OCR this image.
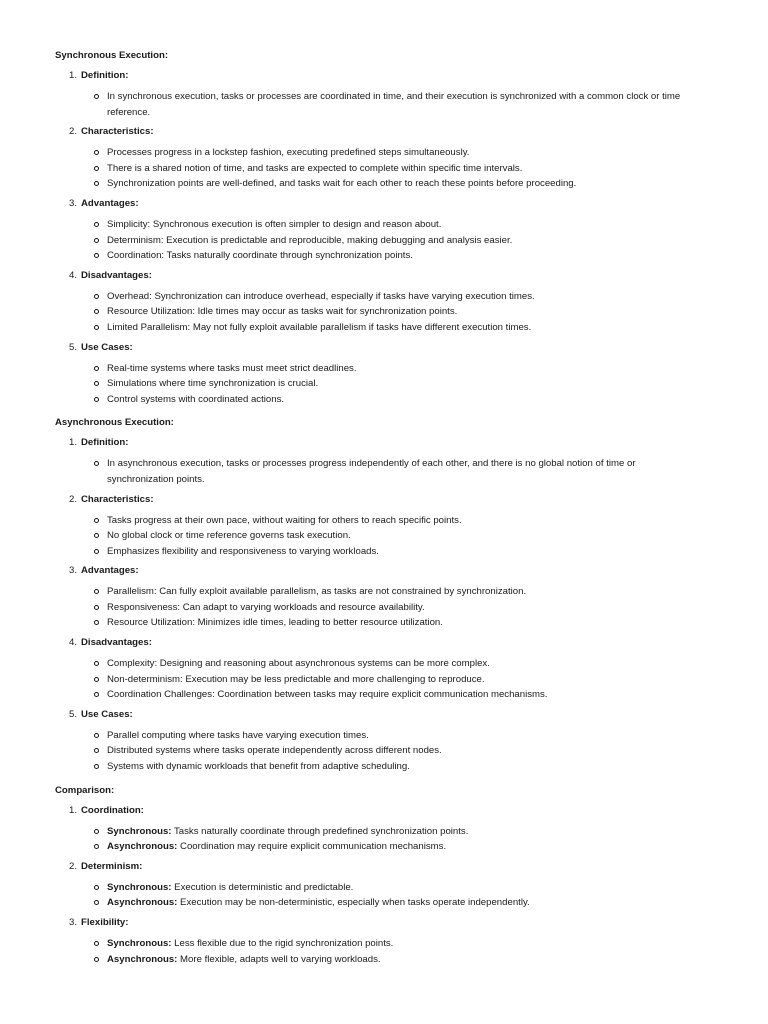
Synchronous Execution:
1. Definition:
In synchronous execution, tasks or processes are coordinated in time, and their execution is synchronized with a common clock or time reference.
2. Characteristics:
Processes progress in a lockstep fashion, executing predefined steps simultaneously.
There is a shared notion of time, and tasks are expected to complete within specific time intervals.
Synchronization points are well-defined, and tasks wait for each other to reach these points before proceeding.
3. Advantages:
Simplicity: Synchronous execution is often simpler to design and reason about.
Determinism: Execution is predictable and reproducible, making debugging and analysis easier.
Coordination: Tasks naturally coordinate through synchronization points.
4. Disadvantages:
Overhead: Synchronization can introduce overhead, especially if tasks have varying execution times.
Resource Utilization: Idle times may occur as tasks wait for synchronization points.
Limited Parallelism: May not fully exploit available parallelism if tasks have different execution times.
5. Use Cases:
Real-time systems where tasks must meet strict deadlines.
Simulations where time synchronization is crucial.
Control systems with coordinated actions.
Asynchronous Execution:
1. Definition:
In asynchronous execution, tasks or processes progress independently of each other, and there is no global notion of time or synchronization points.
2. Characteristics:
Tasks progress at their own pace, without waiting for others to reach specific points.
No global clock or time reference governs task execution.
Emphasizes flexibility and responsiveness to varying workloads.
3. Advantages:
Parallelism: Can fully exploit available parallelism, as tasks are not constrained by synchronization.
Responsiveness: Can adapt to varying workloads and resource availability.
Resource Utilization: Minimizes idle times, leading to better resource utilization.
4. Disadvantages:
Complexity: Designing and reasoning about asynchronous systems can be more complex.
Non-determinism: Execution may be less predictable and more challenging to reproduce.
Coordination Challenges: Coordination between tasks may require explicit communication mechanisms.
5. Use Cases:
Parallel computing where tasks have varying execution times.
Distributed systems where tasks operate independently across different nodes.
Systems with dynamic workloads that benefit from adaptive scheduling.
Comparison:
1. Coordination:
Synchronous: Tasks naturally coordinate through predefined synchronization points.
Asynchronous: Coordination may require explicit communication mechanisms.
2. Determinism:
Synchronous: Execution is deterministic and predictable.
Asynchronous: Execution may be non-deterministic, especially when tasks operate independently.
3. Flexibility:
Synchronous: Less flexible due to the rigid synchronization points.
Asynchronous: More flexible, adapts well to varying workloads.
